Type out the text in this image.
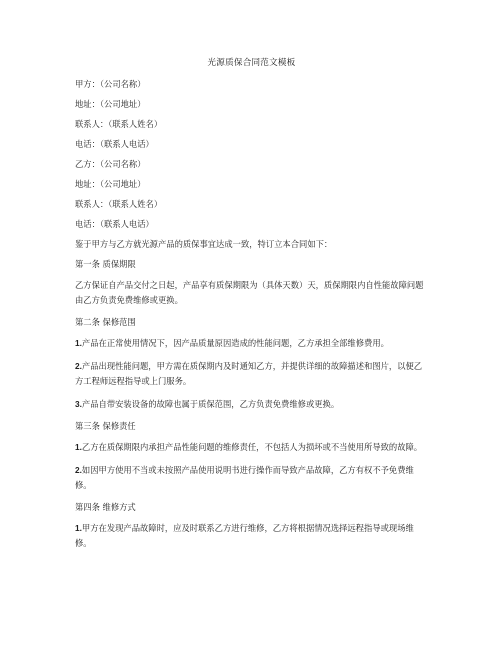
光源质保合同范文模板
甲方：（公司名称）
地址：（公司地址）
联系人：（联系人姓名）
电话：（联系人电话）
乙方：（公司名称）
地址：（公司地址）
联系人：（联系人姓名）
电话：（联系人电话）
鉴于甲方与乙方就光源产品的质保事宜达成一致，特订立本合同如下：
第一条 质保期限
乙方保证自产品交付之日起，产品享有质保期限为（具体天数）天，质保期限内自性能故障问题由乙方负责免费维修或更换。
第二条 保修范围
1.产品在正常使用情况下，因产品质量原因造成的性能问题，乙方承担全部维修费用。
2.产品出现性能问题，甲方需在质保期内及时通知乙方，并提供详细的故障描述和图片，以便乙方工程师远程指导或上门服务。
3.产品自带安装设备的故障也属于质保范围，乙方负责免费维修或更换。
第三条 保修责任
1.乙方在质保期限内承担产品性能问题的维修责任，不包括人为损坏或不当使用所导致的故障。
2.如因甲方使用不当或未按照产品使用说明书进行操作而导致产品故障，乙方有权不予免费维修。
第四条 维修方式
1.甲方在发现产品故障时，应及时联系乙方进行维修，乙方将根据情况选择远程指导或现场维修。
